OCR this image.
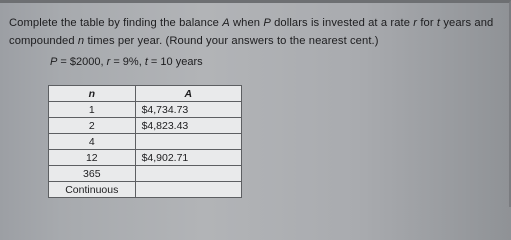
Complete the table by finding the balance A when P dollars is invested at a rate r for t years and compounded n times per year. (Round your answers to the nearest cent.)

P = $2000, r = 9%, t = 10 years

n	A
1	$4,734.73
2	$4,823.43
4	
12	$4,902.71
365	
Continuous	
